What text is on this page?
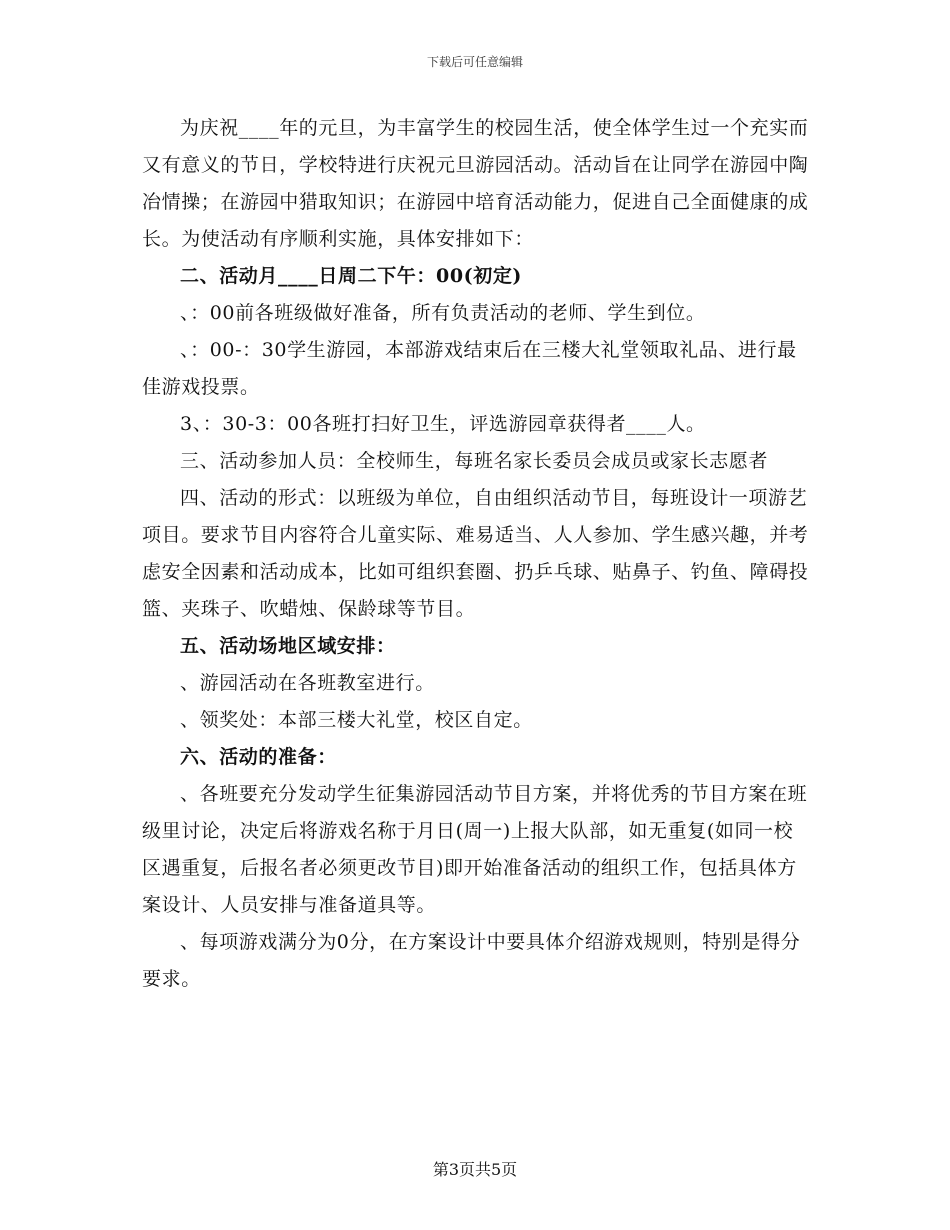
下载后可任意编辑

为庆祝____年的元旦，为丰富学生的校园生活，使全体学生过一个充实而又有意义的节日，学校特进行庆祝元旦游园活动。活动旨在让同学在游园中陶冶情操；在游园中猎取知识；在游园中培育活动能力，促进自己全面健康的成长。为使活动有序顺利实施，具体安排如下：

二、活动月____日周二下午：00(初定)

、：00前各班级做好准备，所有负责活动的老师、学生到位。

、：00-：30学生游园，本部游戏结束后在三楼大礼堂领取礼品、进行最佳游戏投票。

3、：30-3：00各班打扫好卫生，评选游园章获得者____人。

三、活动参加人员：全校师生，每班名家长委员会成员或家长志愿者

四、活动的形式：以班级为单位，自由组织活动节目，每班设计一项游艺项目。要求节目内容符合儿童实际、难易适当、人人参加、学生感兴趣，并考虑安全因素和活动成本，比如可组织套圈、扔乒乓球、贴鼻子、钓鱼、障碍投篮、夹珠子、吹蜡烛、保龄球等节目。

五、活动场地区域安排：

、游园活动在各班教室进行。

、领奖处：本部三楼大礼堂，校区自定。

六、活动的准备：

、各班要充分发动学生征集游园活动节目方案，并将优秀的节目方案在班级里讨论，决定后将游戏名称于月日(周一)上报大队部，如无重复(如同一校区遇重复，后报名者必须更改节目)即开始准备活动的组织工作，包括具体方案设计、人员安排与准备道具等。

、每项游戏满分为0分，在方案设计中要具体介绍游戏规则，特别是得分要求。

第3页共5页
